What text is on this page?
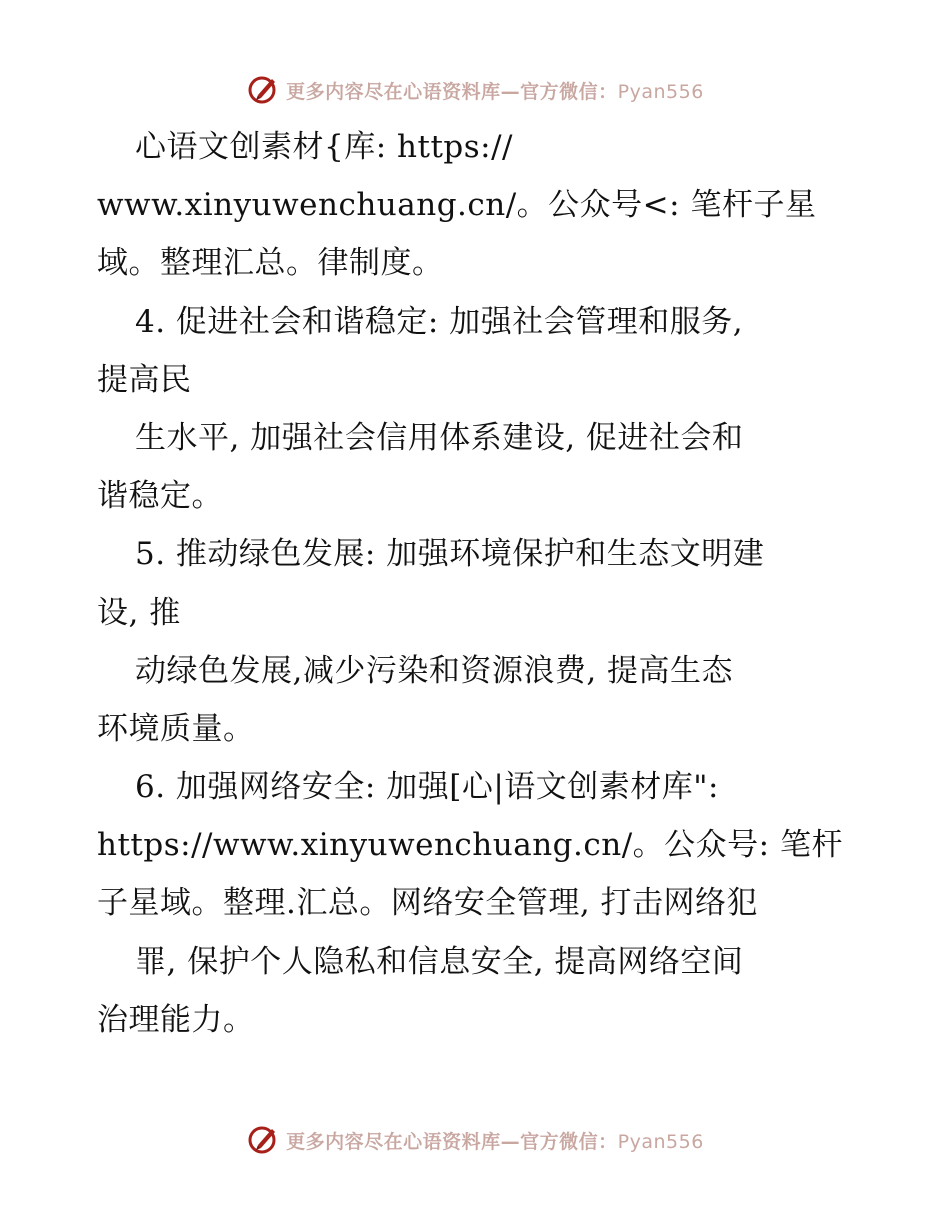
更多内容尽在心语资料库—官方微信：Pyan556
心语文创素材{库: https://
www.xinyuwenchuang.cn/。公众号<: 笔杆子星
域。整理汇总。律制度。
4. 促进社会和谐稳定: 加强社会管理和服务,
提高民
生水平, 加强社会信用体系建设, 促进社会和
谐稳定。
5. 推动绿色发展: 加强环境保护和生态文明建
设, 推
动绿色发展,减少污染和资源浪费, 提高生态
环境质量。
6. 加强网络安全: 加强[心|语文创素材库":
https://www.xinyuwenchuang.cn/。公众号: 笔杆
子星域。整理.汇总。网络安全管理, 打击网络犯
罪, 保护个人隐私和信息安全, 提高网络空间
治理能力。
更多内容尽在心语资料库—官方微信：Pyan556
